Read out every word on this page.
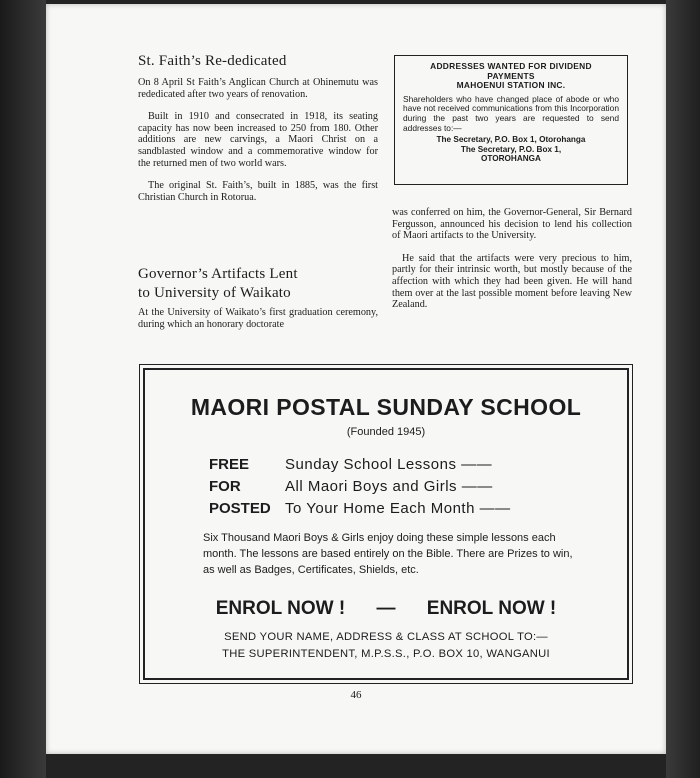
St. Faith’s Re-dedicated

On 8 April St Faith’s Anglican Church at Ohinemutu was rededicated after two years of renovation.

Built in 1910 and consecrated in 1918, its seating capacity has now been increased to 250 from 180. Other additions are new carvings, a Maori Christ on a sandblasted window and a commemorative window for the returned men of two world wars.

The original St. Faith’s, built in 1885, was the first Christian Church in Rotorua.

ADDRESSES WANTED FOR DIVIDEND
PAYMENTS
MAHOENUI STATION INC.
Shareholders who have changed place of abode or who have not received communications from this Incorporation during the past two years are requested to send addresses to:—
The Secretary, P.O. Box 1, Otorohanga
The Secretary, P.O. Box 1,
OTOROHANGA
Governor’s Artifacts Lent
to University of Waikato

At the University of Waikato’s first graduation ceremony, during which an honorary doctorate

was conferred on him, the Governor-General, Sir Bernard Fergusson, announced his decision to lend his collection of Maori artifacts to the University.

He said that the artifacts were very precious to him, partly for their intrinsic worth, but mostly because of the affection with which they had been given. He will hand them over at the last possible moment before leaving New Zealand.

MAORI POSTAL SUNDAY SCHOOL
(Founded 1945)
FREE Sunday School Lessons ——
FOR	All Maori Boys and Girls ——
POSTED To Your Home Each Month ——
Six Thousand Maori Boys & Girls enjoy doing these simple lessons each month. The lessons are based entirely on the Bible. There are Prizes to win, as well as Badges, Certificates, Shields, etc.
ENROL NOW ! — ENROL NOW !
SEND YOUR NAME, ADDRESS & CLASS AT SCHOOL TO:—
THE SUPERINTENDENT, M.P.S.S., P.O. BOX 10, WANGANUI
46
